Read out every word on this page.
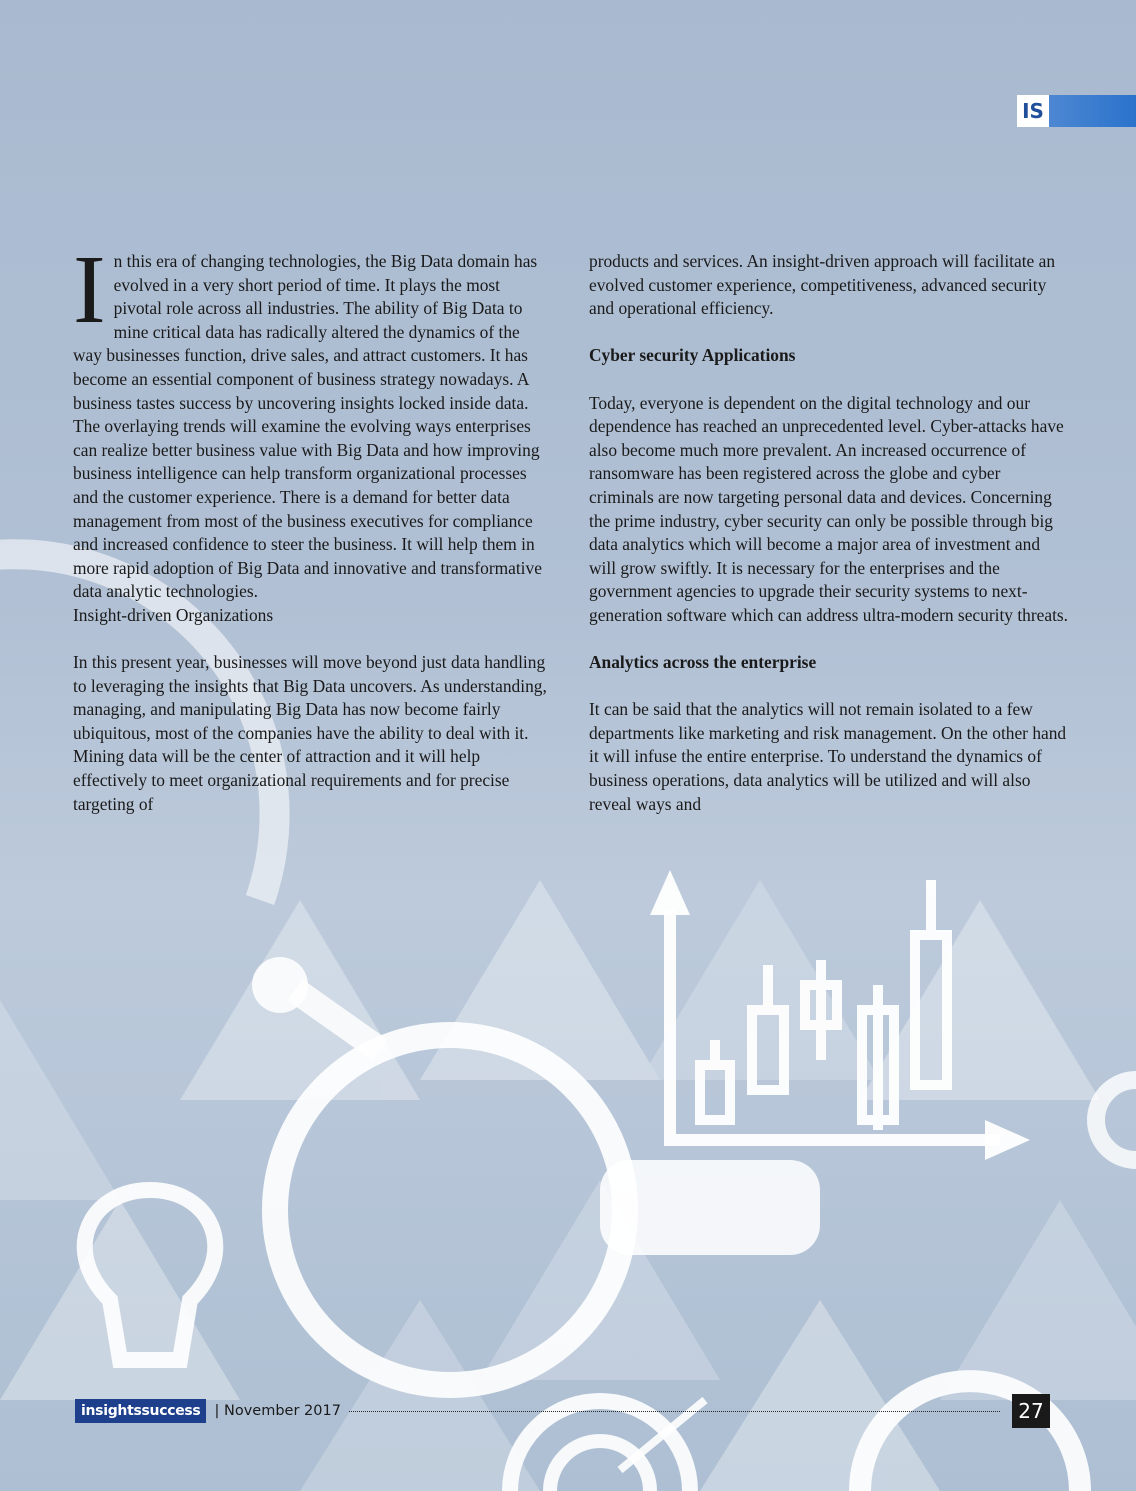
IS

In this era of changing technologies, the Big Data domain has evolved in a very short period of time. It plays the most pivotal role across all industries. The ability of Big Data to mine critical data has radically altered the dynamics of the way businesses function, drive sales, and attract customers. It has become an essential component of business strategy nowadays. A business tastes success by uncovering insights locked inside data. The overlaying trends will examine the evolving ways enterprises can realize better business value with Big Data and how improving business intelligence can help transform organizational processes and the customer experience. There is a demand for better data management from most of the business executives for compliance and increased confidence to steer the business. It will help them in more rapid adoption of Big Data and innovative and transformative data analytic technologies.

Insight-driven Organizations

In this present year, businesses will move beyond just data handling to leveraging the insights that Big Data uncovers. As understanding, managing, and manipulating Big Data has now become fairly ubiquitous, most of the companies have the ability to deal with it. Mining data will be the center of attraction and it will help effectively to meet organizational requirements and for precise targeting of

products and services. An insight-driven approach will facilitate an evolved customer experience, competitiveness, advanced security and operational efficiency.

Cyber security Applications

Today, everyone is dependent on the digital technology and our dependence has reached an unprecedented level. Cyber-attacks have also become much more prevalent. An increased occurrence of ransomware has been registered across the globe and cyber criminals are now targeting personal data and devices. Concerning the prime industry, cyber security can only be possible through big data analytics which will become a major area of investment and will grow swiftly. It is necessary for the enterprises and the government agencies to upgrade their security systems to next-generation software which can address ultra-modern security threats.

Analytics across the enterprise

It can be said that the analytics will not remain isolated to a few departments like marketing and risk management. On the other hand it will infuse the entire enterprise. To understand the dynamics of business operations, data analytics will be utilized and will also reveal ways and

insightssuccess | November 2017	27
